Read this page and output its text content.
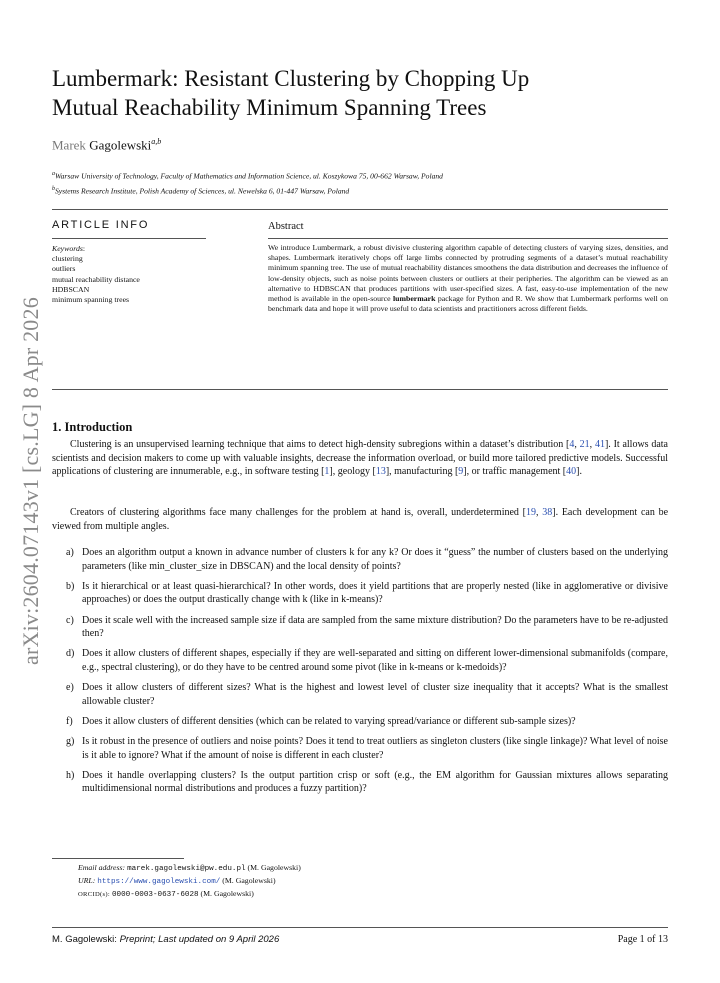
arXiv:2604.07143v1 [cs.LG] 8 Apr 2026
Lumbermark: Resistant Clustering by Chopping Up
Mutual Reachability Minimum Spanning Trees
Marek Gagolewski$^{a,b}$
$^a$Warsaw University of Technology, Faculty of Mathematics and Information Science, ul. Koszykowa 75, 00-662 Warsaw, Poland
$^b$Systems Research Institute, Polish Academy of Sciences, ul. Newelska 6, 01-447 Warsaw, Poland
ARTICLE INFO
Keywords:
clustering
outliers
mutual reachability distance
HDBSCAN
minimum spanning trees
Abstract
We introduce Lumbermark, a robust divisive clustering algorithm capable of detecting clusters of varying sizes, densities, and shapes. Lumbermark iteratively chops off large limbs connected by protruding segments of a dataset’s mutual reachability minimum spanning tree. The use of mutual reachability distances smoothens the data distribution and decreases the influence of low-density objects, such as noise points between clusters or outliers at their peripheries. The algorithm can be viewed as an alternative to HDBSCAN that produces partitions with user-specified sizes. A fast, easy-to-use implementation of the new method is available in the open-source lumbermark package for Python and R. We show that Lumbermark performs well on benchmark data and hope it will prove useful to data scientists and practitioners across different fields.
1. Introduction

Clustering is an unsupervised learning technique that aims to detect high-density subregions within a dataset’s distribution [4, 21, 41]. It allows data scientists and decision makers to come up with valuable insights, decrease the information overload, or build more tailored predictive models. Successful applications of clustering are innumerable, e.g., in software testing [1], geology [13], manufacturing [9], or traffic management [40].

Creators of clustering algorithms face many challenges for the problem at hand is, overall, underdetermined [19, 38]. Each development can be viewed from multiple angles.

a) Does an algorithm output a known in advance number of clusters k for any k? Or does it “guess” the number of clusters based on the underlying parameters (like min_cluster_size in DBSCAN) and the local density of points?
b) Is it hierarchical or at least quasi-hierarchical? In other words, does it yield partitions that are properly nested (like in agglomerative or divisive approaches) or does the output drastically change with k (like in k-means)?
c) Does it scale well with the increased sample size if data are sampled from the same mixture distribution? Do the parameters have to be re-adjusted then?
d) Does it allow clusters of different shapes, especially if they are well-separated and sitting on different lower-dimensional submanifolds (compare, e.g., spectral clustering), or do they have to be centred around some pivot (like in k-means or k-medoids)?
e) Does it allow clusters of different sizes? What is the highest and lowest level of cluster size inequality that it accepts? What is the smallest allowable cluster?
f) Does it allow clusters of different densities (which can be related to varying spread/variance or different sub-sample sizes)?
g) Is it robust in the presence of outliers and noise points? Does it tend to treat outliers as singleton clusters (like single linkage)? What level of noise is it able to ignore? What if the amount of noise is different in each cluster?
h) Does it handle overlapping clusters? Is the output partition crisp or soft (e.g., the EM algorithm for Gaussian mixtures allows separating multidimensional normal distributions and produces a fuzzy partition)?
Email address: marek.gagolewski@pw.edu.pl (M. Gagolewski)
URL: https://www.gagolewski.com/ (M. Gagolewski)
ORCID(s): 0000-0003-0637-6028 (M. Gagolewski)
M. Gagolewski: Preprint; Last updated on 9 April 2026	Page 1 of 13
